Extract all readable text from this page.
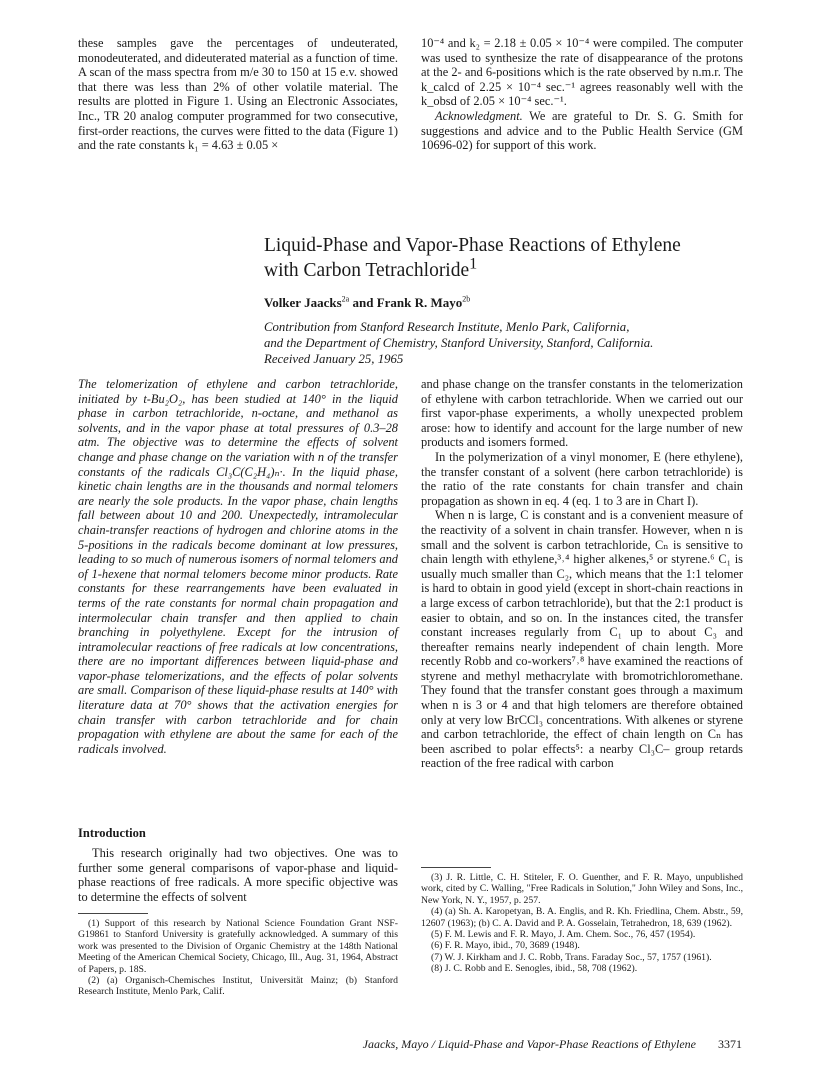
these samples gave the percentages of undeuterated, monodeuterated, and dideuterated material as a function of time. A scan of the mass spectra from m/e 30 to 150 at 15 e.v. showed that there was less than 2% of other volatile material. The results are plotted in Figure 1. Using an Electronic Associates, Inc., TR 20 analog computer programmed for two consecutive, first-order reactions, the curves were fitted to the data (Figure 1) and the rate constants k₁ = 4.63 ± 0.05 ×

10⁻⁴ and k₂ = 2.18 ± 0.05 × 10⁻⁴ were compiled. The computer was used to synthesize the rate of disappearance of the protons at the 2- and 6-positions which is the rate observed by n.m.r. The k_calcd of 2.25 × 10⁻⁴ sec.⁻¹ agrees reasonably well with the k_obsd of 2.05 × 10⁻⁴ sec.⁻¹.

Acknowledgment. We are grateful to Dr. S. G. Smith for suggestions and advice and to the Public Health Service (GM 10696-02) for support of this work.

Liquid-Phase and Vapor-Phase Reactions of Ethylene
with Carbon Tetrachloride$^1$
Volker Jaacks$^{2a}$ and Frank R. Mayo$^{2b}$
Contribution from Stanford Research Institute, Menlo Park, California,
and the Department of Chemistry, Stanford University, Stanford, California.
Received January 25, 1965

The telomerization of ethylene and carbon tetrachloride, initiated by t-Bu₂O₂, has been studied at 140° in the liquid phase in carbon tetrachloride, n-octane, and methanol as solvents, and in the vapor phase at total pressures of 0.3–28 atm. The objective was to determine the effects of solvent change and phase change on the variation with n of the transfer constants of the radicals Cl₃C(C₂H₄)ₙ·. In the liquid phase, kinetic chain lengths are in the thousands and normal telomers are nearly the sole products. In the vapor phase, chain lengths fall between about 10 and 200. Unexpectedly, intramolecular chain-transfer reactions of hydrogen and chlorine atoms in the 5-positions in the radicals become dominant at low pressures, leading to so much of numerous isomers of normal telomers and of 1-hexene that normal telomers become minor products. Rate constants for these rearrangements have been evaluated in terms of the rate constants for normal chain propagation and intermolecular chain transfer and then applied to chain branching in polyethylene. Except for the intrusion of intramolecular reactions of free radicals at low concentrations, there are no important differences between liquid-phase and vapor-phase telomerizations, and the effects of polar solvents are small. Comparison of these liquid-phase results at 140° with literature data at 70° shows that the activation energies for chain transfer with carbon tetrachloride and for chain propagation with ethylene are about the same for each of the radicals involved.

Introduction

This research originally had two objectives. One was to further some general comparisons of vapor-phase and liquid-phase reactions of free radicals. A more specific objective was to determine the effects of solvent

(1) Support of this research by National Science Foundation Grant NSF-G19861 to Stanford University is gratefully acknowledged. A summary of this work was presented to the Division of Organic Chemistry at the 148th National Meeting of the American Chemical Society, Chicago, Ill., Aug. 31, 1964, Abstract of Papers, p. 18S.

(2) (a) Organisch-Chemisches Institut, Universität Mainz; (b) Stanford Research Institute, Menlo Park, Calif.

and phase change on the transfer constants in the telomerization of ethylene with carbon tetrachloride. When we carried out our first vapor-phase experiments, a wholly unexpected problem arose: how to identify and account for the large number of new products and isomers formed.

In the polymerization of a vinyl monomer, E (here ethylene), the transfer constant of a solvent (here carbon tetrachloride) is the ratio of the rate constants for chain transfer and chain propagation as shown in eq. 4 (eq. 1 to 3 are in Chart I).

When n is large, C is constant and is a convenient measure of the reactivity of a solvent in chain transfer. However, when n is small and the solvent is carbon tetrachloride, Cₙ is sensitive to chain length with ethylene,³˒⁴ higher alkenes,⁵ or styrene.⁶ C₁ is usually much smaller than C₂, which means that the 1:1 telomer is hard to obtain in good yield (except in short-chain reactions in a large excess of carbon tetrachloride), but that the 2:1 product is easier to obtain, and so on. In the instances cited, the transfer constant increases regularly from C₁ up to about C₃ and thereafter remains nearly independent of chain length. More recently Robb and co-workers⁷˒⁸ have examined the reactions of styrene and methyl methacrylate with bromotrichloromethane. They found that the transfer constant goes through a maximum when n is 3 or 4 and that high telomers are therefore obtained only at very low BrCCl₃ concentrations. With alkenes or styrene and carbon tetrachloride, the effect of chain length on Cₙ has been ascribed to polar effects⁵: a nearby Cl₃C– group retards reaction of the free radical with carbon

(3) J. R. Little, C. H. Stiteler, F. O. Guenther, and F. R. Mayo, unpublished work, cited by C. Walling, "Free Radicals in Solution," John Wiley and Sons, Inc., New York, N. Y., 1957, p. 257.

(4) (a) Sh. A. Karopetyan, B. A. Englis, and R. Kh. Friedlina, Chem. Abstr., 59, 12607 (1963); (b) C. A. David and P. A. Gosselain, Tetrahedron, 18, 639 (1962).

(5) F. M. Lewis and F. R. Mayo, J. Am. Chem. Soc., 76, 457 (1954).

(6) F. R. Mayo, ibid., 70, 3689 (1948).

(7) W. J. Kirkham and J. C. Robb, Trans. Faraday Soc., 57, 1757 (1961).

(8) J. C. Robb and E. Senogles, ibid., 58, 708 (1962).

Jaacks, Mayo / Liquid-Phase and Vapor-Phase Reactions of Ethylene 3371
